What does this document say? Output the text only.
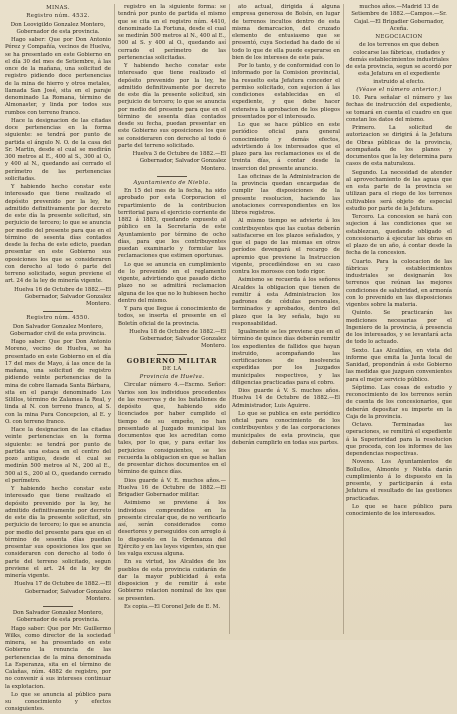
MINAS.

Registro núm. 4532.

Don Leovigildo Gonzalez Montero, Gobernador de esta provincia.

Hago saber: Que por Don Antonio Pérez y Compañía, vecinos de Huelva, se ha presentado en este Gobierno en el día 30 del mes de Setiembre, á las once de la mañana, una solicitud de registro pidiendo doce pertenencias de la mina de hierro y otros metales, llamada San José, sita en el paraje denominado La Romana, término de Almonaster, y linda por todos sus rumbos con terreno franco.

Hace la designacion de las citadas doce pertenencias en la forma siguiente: se tendrá por punto de partida el ángulo N. O. de la casa del Sr. Martin, desde el cual se medirán 300 metros al E., 400 al S., 300 al O., y 400 al N., quedando así cerrado el perímetro de las pertenencias solicitadas.

Y habiendo hecho constar este interesado que tiene realizado el depósito prevenido por la ley, he admitido definitivamente por decreto de este día la presente solicitud, sin perjuicio de tercero; lo que se anuncia por medio del presente para que en el término de sesenta días contados desde la fecha de este edicto, puedan presentar en este Gobierno sus oposiciones los que se consideraren con derecho al todo ó parte del terreno solicitado, segun previene el art. 24 de la ley de minería vigente.

Huelva 16 de Octubre de 1882.—El Gobernador, Salvador Gonzalez Montero.

Registro núm. 4550.

Don Salvador Gonzalez Montero, Gobernador civil de esta provincia.

Hago saber: Que por Don Antonio Moreno, vecino de Huelva, se ha presentado en este Gobierno en el día 17 del mes de Mayo, á las once de la mañana, una solicitud de registro pidiendo veinte pertenencias de la mina de cobre llamada Santa Bárbara, sita en el paraje denominado Los Silillos, término de Zalamea la Real, y linda al N. con terreno franco, al S. con la mina Pura Concepcion, al E. y O. con terreno franco.

Hace la designacion de las citadas veinte pertenencias en la forma siguiente: se tendrá por punto de partida una estaca en el centro del pozo antiguo, desde el cual se medirán 500 metros al N., 200 al E., 500 al S., 200 al O., quedando cerrado el perímetro.

Y habiendo hecho constar este interesado que tiene realizado el depósito prevenido por la ley, he admitido definitivamente por decreto de este día la presente solicitud, sin perjuicio de tercero; lo que se anuncia por medio del presente para que en el término de sesenta días puedan presentar sus oposiciones los que se consideraren con derecho al todo ó parte del terreno solicitado, segun previene el art. 24 de la ley de minería vigente.

Huelva 17 de Octubre de 1882.—El Gobernador, Salvador Gonzalez Montero.

Don Salvador Gonzalez Montero, Gobernador de esta provincia.

Hago saber: Que por Mr. Guillermo Wilks, como director de la sociedad minera, se ha presentado en este Gobierno la renuncia de las pertenencias de la mina denominada La Esperanza, sita en el término de Calañas, núm. 4882 de registro, por no convenir á sus intereses continuar la explotacion.

Lo que se anuncia al público para su conocimiento y efectos consiguientes.

registro en la siguiente forma: se tendrá por punto de partida el mismo que se cita en el registro núm. 4410, denominado La Fortuna, desde el cual se medirán 500 metros al N., 400 al E., 500 al S. y 400 al O., quedando así cerrado el perímetro de las pertenencias solicitadas.

Y habiendo hecho constar este interesado que tiene realizado el depósito prevenido por la ley, he admitido definitivamente por decreto de este día la presente solicitud, sin perjuicio de tercero; lo que se anuncia por medio del presente para que en el término de sesenta días contados desde su fecha, puedan presentar en este Gobierno sus oposiciones los que se consideraren con derecho al todo ó parte del terreno solicitado.

Huelva 3 de Octubre de 1882.—El Gobernador, Salvador Gonzalez Montero.

Ayuntamiento de Niebla.

En 15 del mes de la fecha, ha sido aprobado por esta Corporacion el repartimiento de la contribucion territorial para el ejercicio corriente de 1882 á 1883, quedando expuesto al público en la Secretaría de este Ayuntamiento por término de ocho días, para que los contribuyentes puedan examinarlo y formular las reclamaciones que estimen oportunas.

Lo que se anuncia en cumplimiento de lo prevenido en el reglamento vigente, advirtiendo que pasado dicho plazo no se admitirá reclamacion alguna de los que no lo hubiesen hecho dentro del mismo.

Y para que llegue á conocimiento de todos, se inserta el presente en el Boletín oficial de la provincia.

Huelva 18 de Octubre de 1882.—El Gobernador, Salvador Gonzalez Montero.

GOBIERNO MILITAR

DE LA

Provincia de Huelva.

Circular número 4.—Excmo. Señor: Varios son los individuos procedentes de las reservas y de los batallones de depósito que, habiendo sido licenciados por haber cumplido el tiempo de su empeño, no han presentado al Juzgado municipal los documentos que les acreditan como tales, por lo que, y para evitar los perjuicios consiguientes, se les recuerda la obligacion en que se hallan de presentar dichos documentos en el término de quince días.

Dios guarde á V. E. muchos años.—Huelva 16 de Octubre de 1882.—El Brigadier Gobernador militar.

Asimismo se previene á los individuos comprendidos en la presente circular que, de no verificarlo así, serán considerados como desertores y perseguidos con arreglo á lo dispuesto en la Ordenanza del Ejército y en las leyes vigentes, sin que les valga excusa alguna.

En su virtud, los Alcaldes de los pueblos de esta provincia cuidarán de dar la mayor publicidad á esta disposicion y de remitir á este Gobierno relacion nominal de los que se presenten.

Es copia.—El Coronel Jefe de E. M.

ato actual, dirigida á alguna empresa generosa de Bolsín, en lugar de terrenos incultos dentro de esta misma demarcacion, del cruzado elemento de entusiasmo que se presentó, cuya Sociedad ha dado de sí todo lo que de ella puede esperarse en bien de los intereses de este país.

Por lo tanto, y de conformidad con lo informado por la Comision provincial, ha resuelto esta Jefatura conceder el permiso solicitado, con sujecion á las condiciones establecidas en el expediente, y que debe hacer extensiva la aprobacion de los pliegos presentados por el interesado.

Lo que se hace público en este periódico oficial para general conocimiento y demás efectos, advirtiendo á los interesados que el plazo para las reclamaciones es el de treinta días, á contar desde la insercion del presente anuncio.

Las oficinas de la Administracion de la provincia quedan encargadas de cumplir las disposiciones de la presente resolucion, haciendo las anotaciones correspondientes en los libros registros.

Al mismo tiempo se advierte á los contribuyentes que las cuotas deberán satisfacerse en los plazos señalados, y que el pago de las mismas en otros períodos devengará el recargo de apremio que previene la Instruccion vigente, procediéndose en su caso contra los morosos con todo rigor.

Asimismo se recuerda á los señores Alcaldes la obligacion que tienen de remitir á esta Administracion los padrones de cédulas personales, terminados y aprobados, dentro del plazo que la ley señala, bajo su responsabilidad.

Igualmente se les previene que en el término de quince días deberán remitir los expedientes de fallidos que hayan instruido, acompañando las certificaciones de insolvencia expedidas por los Juzgados municipales respectivos, y las diligencias practicadas para el cobro.

Dios guarde á V. S. muchos años. Huelva 14 de Octubre de 1882.—El Administrador, Luis Aguirre.

Lo que se publica en este periódico oficial para conocimiento de los contribuyentes y de las corporaciones municipales de esta provincia, que deberán cumplirlo en todas sus partes.

muchos años.—Madrid 13 de Setiembre de 1882.—Campos.—Sr. Cajal.—El Brigadier Gobernador, Aceña.

NEGOCIACION

de los terrenos en que deben colocarse las fábricas, ciudades y demás establecimientos industriales de esta provincia, segun se acordó por esta Jefatura en el expediente instruido al efecto.

(Véase el número anterior.)

10. Para señalar el número y las fechas de instrucción del expediente, se tomará en cuenta el cuadro en que constan los datos del mismo.

Primero. La solicitud de autorizacion se dirigirá á la Jefatura de Obras públicas de la provincia, acompañada de los planos y documentos que la ley determina para casos de esta naturaleza.

Segundo. La necesidad de atender al aprovechamiento de las aguas que en esta parte de la provincia se utilizan para el riego de los terrenos cultivables será objeto de especial estudio por parte de la Jefatura.

Tercero. La concesion se hará con sujecion á las condiciones que se establezcan, quedando obligado el concesionario á ejecutar las obras en el plazo de un año, á contar desde la fecha de la concesion.

Cuarto. Para la colocacion de las fábricas y establecimientos industriales se designarán los terrenos que reúnan las mejores condiciones de salubridad, en armonía con lo prevenido en las disposiciones vigentes sobre la materia.

Quinto. Se practicarán las mediciones necesarias por el Ingeniero de la provincia, á presencia de los interesados, y se levantará acta de todo lo actuado.

Sexto. Las Alcaldías, en vista del informe que emita la Junta local de Sanidad, propondrán á este Gobierno las medidas que juzguen convenientes para el mejor servicio público.

Séptimo. Las cosas de estudio y reconocimiento de los terrenos serán de cuenta de los concesionarios, que deberán depositar su importe en la Caja de la provincia.

Octavo. Terminadas las operaciones, se remitirá el expediente á la Superioridad para la resolucion que proceda, con los informes de las dependencias respectivas.

Noveno. Los Ayuntamientos de Bollullos, Almonte y Niebla darán cumplimiento á lo dispuesto en la presente, y participarán á esta Jefatura el resultado de las gestiones practicadas.

Lo que se hace público para conocimiento de los interesados.
